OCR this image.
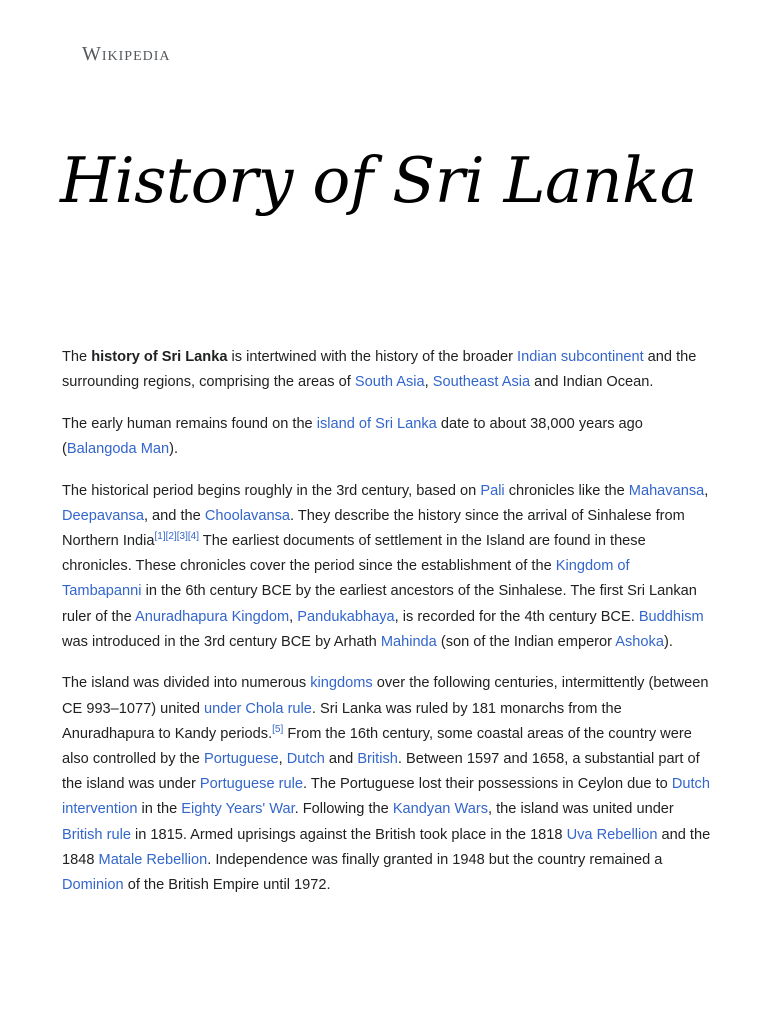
Wikipedia
History of Sri Lanka

The history of Sri Lanka is intertwined with the history of the broader Indian subcontinent and the surrounding regions, comprising the areas of South Asia, Southeast Asia and Indian Ocean.

The early human remains found on the island of Sri Lanka date to about 38,000 years ago (Balangoda Man).

The historical period begins roughly in the 3rd century, based on Pali chronicles like the Mahavansa, Deepavansa, and the Choolavansa. They describe the history since the arrival of Sinhalese from Northern India[1][2][3][4] The earliest documents of settlement in the Island are found in these chronicles. These chronicles cover the period since the establishment of the Kingdom of Tambapanni in the 6th century BCE by the earliest ancestors of the Sinhalese. The first Sri Lankan ruler of the Anuradhapura Kingdom, Pandukabhaya, is recorded for the 4th century BCE. Buddhism was introduced in the 3rd century BCE by Arhath Mahinda (son of the Indian emperor Ashoka).

The island was divided into numerous kingdoms over the following centuries, intermittently (between CE 993–1077) united under Chola rule. Sri Lanka was ruled by 181 monarchs from the Anuradhapura to Kandy periods.[5] From the 16th century, some coastal areas of the country were also controlled by the Portuguese, Dutch and British. Between 1597 and 1658, a substantial part of the island was under Portuguese rule. The Portuguese lost their possessions in Ceylon due to Dutch intervention in the Eighty Years' War. Following the Kandyan Wars, the island was united under British rule in 1815. Armed uprisings against the British took place in the 1818 Uva Rebellion and the 1848 Matale Rebellion. Independence was finally granted in 1948 but the country remained a Dominion of the British Empire until 1972.
